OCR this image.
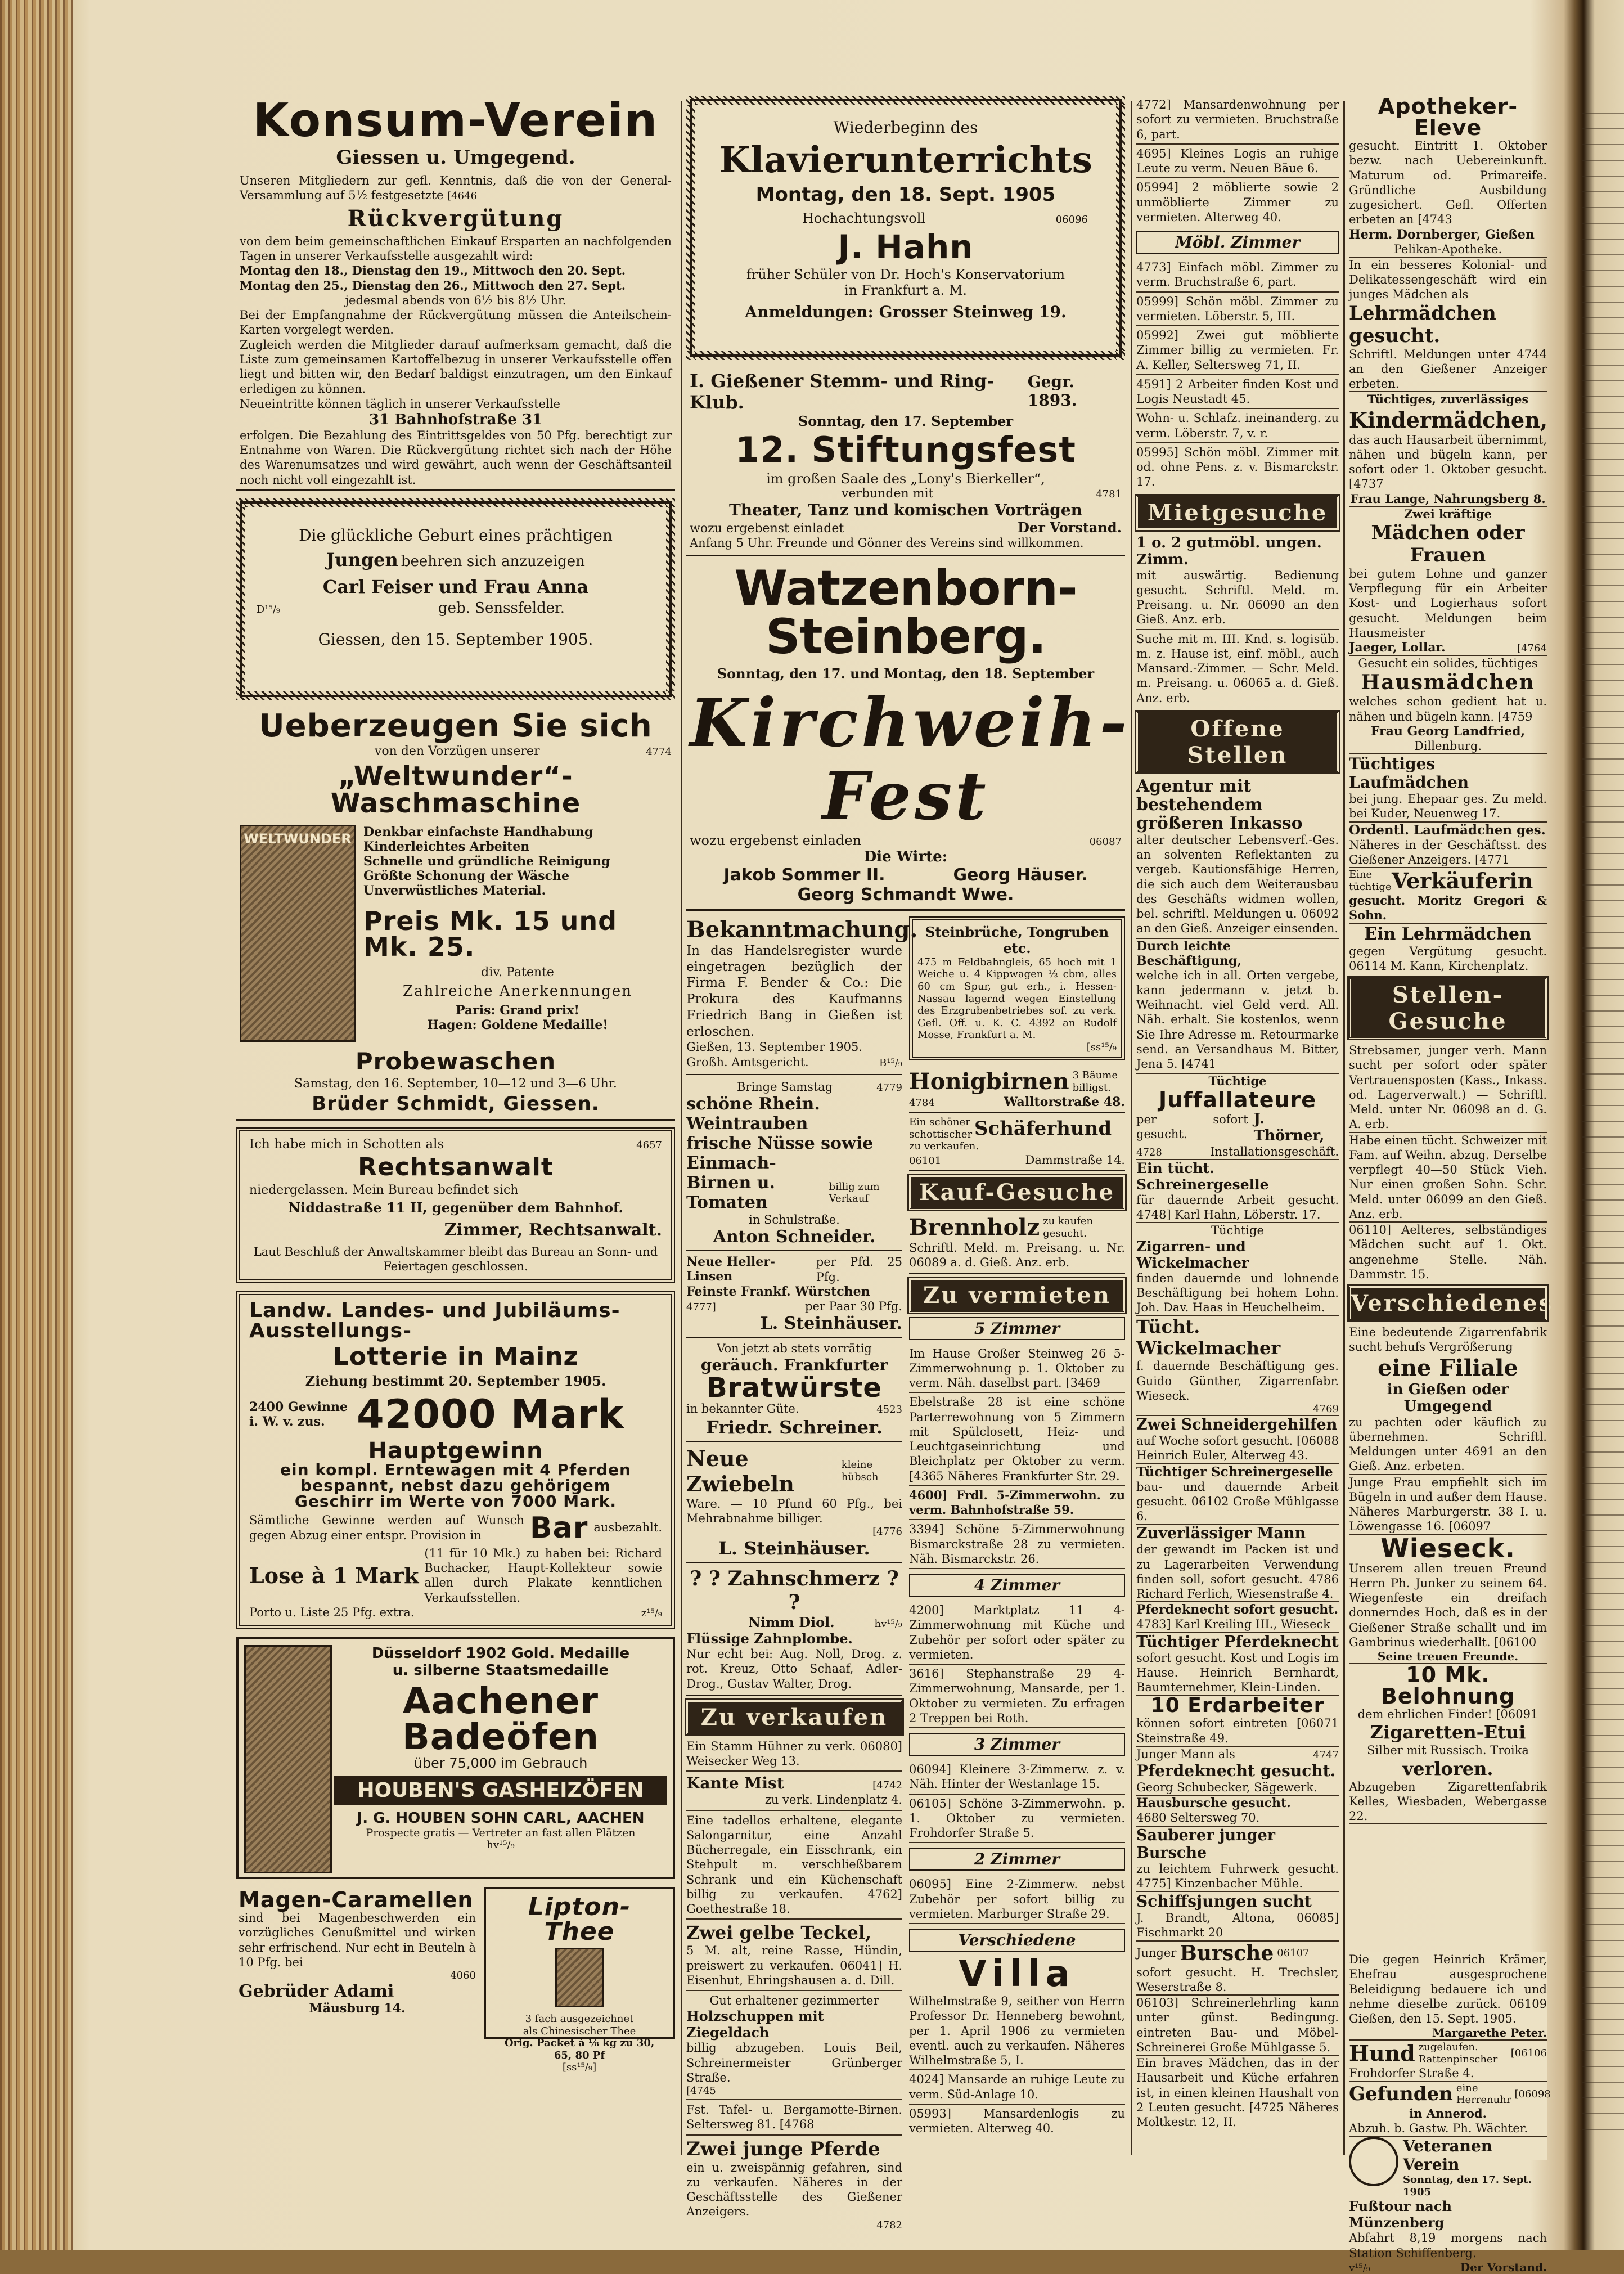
Konsum-Verein
Giessen u. Umgegend.
Unseren Mitgliedern zur gefl. Kenntnis, daß die von der General-Versammlung auf 5½ festgesetzte [4646
Rückvergütung
von dem beim gemeinschaftlichen Einkauf Ersparten an nachfolgenden Tagen in unserer Verkaufsstelle ausgezahlt wird:
Montag den 18., Dienstag den 19., Mittwoch den 20. Sept.
Montag den 25., Dienstag den 26., Mittwoch den 27. Sept.
jedesmal abends von 6½ bis 8½ Uhr.
Bei der Empfangnahme der Rückvergütung müssen die Anteilschein-Karten vorgelegt werden.
Zugleich werden die Mitglieder darauf aufmerksam gemacht, daß die Liste zum gemeinsamen Kartoffelbezug in unserer Verkaufsstelle offen liegt und bitten wir, den Bedarf baldigst einzutragen, um den Einkauf erledigen zu können.
Neueintritte können täglich in unserer Verkaufsstelle
31 Bahnhofstraße 31
erfolgen. Die Bezahlung des Eintrittsgeldes von 50 Pfg. berechtigt zur Entnahme von Waren. Die Rückvergütung richtet sich nach der Höhe des Warenumsatzes und wird gewährt, auch wenn der Geschäftsanteil noch nicht voll eingezahlt ist.
Die glückliche Geburt eines prächtigen
Jungen beehren sich anzuzeigen
Carl Feiser und Frau Anna
D¹⁵/₉	geb. Senssfelder.
Giessen, den 15. September 1905.
Ueberzeugen Sie sich
von den Vorzügen unserer	4774
„Weltwunder“-Waschmaschine
WELTWUNDER Denkbar einfachste Handhabung
Kinderleichtes Arbeiten
Schnelle und gründliche Reinigung
Größte Schonung der Wäsche
Unverwüstliches Material.
Preis Mk. 15 und Mk. 25.
div. Patente
Zahlreiche Anerkennungen
Paris: Grand prix!
Hagen: Goldene Medaille!
Probewaschen
Samstag, den 16. September, 10—12 und 3—6 Uhr.
Brüder Schmidt, Giessen.
Ich habe mich in Schotten als	4657
Rechtsanwalt
niedergelassen. Mein Bureau befindet sich
Niddastraße 11 II, gegenüber dem Bahnhof.
Zimmer, Rechtsanwalt.
Laut Beschluß der Anwaltskammer bleibt das Bureau an Sonn- und Feiertagen geschlossen.
Landw. Landes- und Jubiläums-Ausstellungs-
Lotterie in Mainz
Ziehung bestimmt 20. September 1905.
2400 Gewinne
i. W. v. zus. 42000 Mark
Hauptgewinn
ein kompl. Erntewagen mit 4 Pferden
bespannt, nebst dazu gehörigem
Geschirr im Werte von 7000 Mark.
Sämtliche Gewinne werden auf Wunsch gegen Abzug einer entspr. Provision in	Bar ausbezahlt.
Lose à 1 Mark
(11 für 10 Mk.) zu haben bei: Richard Buchacker, Haupt-Kollekteur sowie allen durch Plakate kenntlichen Verkaufsstellen.
Porto u. Liste 25 Pfg. extra.	z¹⁵/₉
Düsseldorf 1902 Gold. Medaille
u. silberne Staatsmedaille
Aachener
Badeöfen
über 75,000 im Gebrauch
HOUBEN'S GASHEIZÖFEN
J. G. HOUBEN SOHN CARL, AACHEN
Prospecte gratis — Vertreter an fast allen Plätzen
hv¹⁵/₉
Magen-Caramellen
sind bei Magenbeschwerden ein vorzügliches Genußmittel und wirken sehr erfrischend. Nur echt in Beuteln à 10 Pfg. bei
4060
Gebrüder Adami
Mäusburg 14.
Lipton-Thee
3 fach ausgezeichnet
als Chinesischer Thee
Orig. Packet à ⅛ kg zu 30, 65, 80 Pf
[ss¹⁵/₉]
Wiederbeginn des
Klavierunterrichts
Montag, den 18. Sept. 1905
Hochachtungsvoll	06096
J. Hahn
früher Schüler von Dr. Hoch's Konservatorium
in Frankfurt a. M.
Anmeldungen: Grosser Steinweg 19.
I. Gießener Stemm- und Ring-Klub.
Gegr. 1893.
Sonntag, den 17. September
12. Stiftungsfest
im großen Saale des „Lony's Bierkeller“,
verbunden mit	4781
Theater, Tanz und komischen Vorträgen
wozu ergebenst einladet	Der Vorstand.
Anfang 5 Uhr. Freunde und Gönner des Vereins sind willkommen.
Watzenborn-Steinberg.
Sonntag, den 17. und Montag, den 18. September
Kirchweih-Fest
wozu ergebenst einladen	06087
Die Wirte:
Jakob Sommer II.	Georg Häuser.
Georg Schmandt Wwe.
Bekanntmachung.
In das Handelsregister wurde eingetragen bezüglich der Firma F. Bender & Co.: Die Prokura des Kaufmanns Friedrich Bang in Gießen ist erloschen.
Gießen, 13. September 1905.
Großh. Amtsgericht.	B¹⁵/₉
Bringe Samstag	4779
schöne Rhein. Weintrauben
frische Nüsse sowie Einmach-
Birnen u. Tomaten
billig zum Verkauf
in Schulstraße.
Anton Schneider.
Neue Heller-Linsen
per Pfd. 25 Pfg.
Feinste Frankf. Würstchen
4777]	per Paar 30 Pfg.
L. Steinhäuser.
Von jetzt ab stets vorrätig
geräuch. Frankfurter
Bratwürste
in bekannter Güte.	4523
Friedr. Schreiner.
Neue Zwiebeln
kleine hübsch
Ware. — 10 Pfund 60 Pfg., bei Mehrabnahme billiger.
[4776
L. Steinhäuser.
? ? Zahnschmerz ? ?
Nimm Diol.	hv¹⁵/₉
Flüssige Zahnplombe.
Nur echt bei: Aug. Noll, Drog. z. rot. Kreuz, Otto Schaaf, Adler-Drog., Gustav Walter, Drog.
Zu verkaufen
Ein Stamm Hühner zu verk. 06080] Weisecker Weg 13.
Kante Mist	[4742
zu verk. Lindenplatz 4.
Eine tadellos erhaltene, elegante Salongarnitur, eine Anzahl Bücherregale, ein Eisschrank, ein Stehpult m. verschließbarem Schrank und ein Küchenschaft billig zu verkaufen. 4762] Goethestraße 18.
Zwei gelbe Teckel,
5 M. alt, reine Rasse, Hündin, preiswert zu verkaufen. 06041] H. Eisenhut, Ehringshausen a. d. Dill.
Gut erhaltener gezimmerter
Holzschuppen mit Ziegeldach
billig abzugeben. Louis Beil, Schreinermeister Grünberger Straße.
[4745
Fst. Tafel- u. Bergamotte-Birnen. Seltersweg 81. [4768
Zwei junge Pferde
ein u. zweispännig gefahren, sind zu verkaufen. Näheres in der Geschäftsstelle des Gießener Anzeigers.
4782
Steinbrüche, Tongruben etc.
475 m Feldbahngleis, 65 hoch mit 1 Weiche u. 4 Kippwagen ⅓ cbm, alles 60 cm Spur, gut erh., i. Hessen-Nassau lagernd wegen Einstellung des Erzgrubenbetriebes sof. zu verk. Gefl. Off. u. K. C. 4392 an Rudolf Mosse, Frankfurt a. M.
[ss¹⁵/₉
Honigbirnen 3 Bäume billigst.
4784	Walltorstraße 48.
Ein schöner schottischer Schäferhund
zu verkaufen.
06101	Dammstraße 14.
Kauf-Gesuche
Brennholz zu kaufen gesucht.
Schriftl. Meld. m. Preisang. u. Nr. 06089 a. d. Gieß. Anz. erb.
Zu vermieten
5 Zimmer
Im Hause Großer Steinweg 26 5-Zimmerwohnung p. 1. Oktober zu verm. Näh. daselbst part. [3469
Ebelstraße 28 ist eine schöne Parterrewohnung von 5 Zimmern mit Spülclosett, Heiz- und Leuchtgaseinrichtung und Bleichplatz per Oktober zu verm. [4365 Näheres Frankfurter Str. 29.
4600] Frdl. 5-Zimmerwohn. zu verm. Bahnhofstraße 59.
3394] Schöne 5-Zimmerwohnung Bismarckstraße 28 zu vermieten. Näh. Bismarckstr. 26.
4 Zimmer
4200] Marktplatz 11 4-Zimmerwohnung mit Küche und Zubehör per sofort oder später zu vermieten.
3616] Stephanstraße 29 4-Zimmerwohnung, Mansarde, per 1. Oktober zu vermieten. Zu erfragen 2 Treppen bei Roth.
3 Zimmer
06094] Kleinere 3-Zimmerw. z. v. Näh. Hinter der Westanlage 15.
06105] Schöne 3-Zimmerwohn. p. 1. Oktober zu vermieten. Frohdorfer Straße 5.
2 Zimmer
06095] Eine 2-Zimmerw. nebst Zubehör per sofort billig zu vermieten. Marburger Straße 29.
Verschiedene
Villa
Wilhelmstraße 9, seither von Herrn Professor Dr. Henneberg bewohnt, per 1. April 1906 zu vermieten eventl. auch zu verkaufen. Näheres Wilhelmstraße 5, I.
4024] Mansarde an ruhige Leute zu verm. Süd-Anlage 10.
05993] Mansardenlogis zu vermieten. Alterweg 40.
4772] Mansardenwohnung per sofort zu vermieten. Bruchstraße 6, part.
4695] Kleines Logis an ruhige Leute zu verm. Neuen Bäue 6.
05994] 2 möblierte sowie 2 unmöblierte Zimmer zu vermieten. Alterweg 40.
Möbl. Zimmer
4773] Einfach möbl. Zimmer zu verm. Bruchstraße 6, part.
05999] Schön möbl. Zimmer zu vermieten. Löberstr. 5, III.
05992] Zwei gut möblierte Zimmer billig zu vermieten. Fr. A. Keller, Seltersweg 71, II.
4591] 2 Arbeiter finden Kost und Logis Neustadt 45.
Wohn- u. Schlafz. ineinanderg. zu verm. Löberstr. 7, v. r.
05995] Schön möbl. Zimmer mit od. ohne Pens. z. v. Bismarckstr. 17.
Mietgesuche
1 o. 2 gutmöbl. ungen. Zimm.
mit auswärtig. Bedienung gesucht. Schriftl. Meld. m. Preisang. u. Nr. 06090 an den Gieß. Anz. erb.
Suche mit m. III. Knd. s. logisüb. m. z. Hause ist, einf. möbl., auch Mansard.-Zimmer. — Schr. Meld. m. Preisang. u. 06065 a. d. Gieß. Anz. erb.
Offene Stellen
Agentur mit bestehendem größeren Inkasso
alter deutscher Lebensverf.-Ges. an solventen Reflektanten zu vergeb. Kautionsfähige Herren, die sich auch dem Weiterausbau des Geschäfts widmen wollen, bel. schriftl. Meldungen u. 06092 an den Gieß. Anzeiger einsenden.
Durch leichte Beschäftigung,
welche ich in all. Orten vergebe, kann jedermann v. jetzt b. Weihnacht. viel Geld verd. All. Näh. erhalt. Sie kostenlos, wenn Sie Ihre Adresse m. Retourmarke send. an Versandhaus M. Bitter, Jena 5. [4741
Tüchtige
Juffallateure
per sofort gesucht.
J. Thörner,
4728	Installationsgeschäft.
Ein tücht. Schreinergeselle
für dauernde Arbeit gesucht. 4748] Karl Hahn, Löberstr. 17.
Tüchtige
Zigarren- und Wickelmacher
finden dauernde und lohnende Beschäftigung bei hohem Lohn. Joh. Dav. Haas in Heuchelheim.
Tücht. Wickelmacher
f. dauernde Beschäftigung ges. Guido Günther, Zigarrenfabr. Wieseck.
4769
Zwei Schneidergehilfen
auf Woche sofort gesucht. [06088 Heinrich Euler, Alterweg 43.
Tüchtiger Schreinergeselle
bau- und dauernde Arbeit gesucht. 06102 Große Mühlgasse 6.
Zuverlässiger Mann
der gewandt im Packen ist und zu Lagerarbeiten Verwendung finden soll, sofort gesucht. 4786 Richard Ferlich, Wiesenstraße 4.
Pferdeknecht sofort gesucht.
4783] Karl Kreiling III., Wieseck
Tüchtiger Pferdeknecht
sofort gesucht. Kost und Logis im Hause. Heinrich Bernhardt, Baumternehmer, Klein-Linden.
10 Erdarbeiter
können sofort eintreten [06071 Steinstraße 49.
Junger Mann als	4747
Pferdeknecht gesucht.
Georg Schubecker, Sägewerk.
Hausbursche gesucht.
4680 Seltersweg 70.
Sauberer junger Bursche
zu leichtem Fuhrwerk gesucht. 4775] Kinzenbacher Mühle.
Schiffsjungen sucht
J. Brandt, Altona, 06085] Fischmarkt 20
Junger Bursche 06107
sofort gesucht. H. Trechsler, Weserstraße 8.
06103] Schreinerlehrling kann unter günst. Bedingung. eintreten Bau- und Möbel-Schreinerei Große Mühlgasse 5.
Ein braves Mädchen, das in der Hausarbeit und Küche erfahren ist, in einen kleinen Haushalt von 2 Leuten gesucht. [4725 Näheres Moltkestr. 12, II.
Apotheker-Eleve
gesucht. Eintritt 1. Oktober bezw. nach Uebereinkunft. Maturum od. Primareife. Gründliche Ausbildung zugesichert. Gefl. Offerten erbeten an [4743
Herm. Dornberger, Gießen
Pelikan-Apotheke.
In ein besseres Kolonial- und Delikatessengeschäft wird ein junges Mädchen als
Lehrmädchen gesucht.
Schriftl. Meldungen unter 4744 an den Gießener Anzeiger erbeten.
Tüchtiges, zuverlässiges
Kindermädchen,
das auch Hausarbeit übernimmt, nähen und bügeln kann, per sofort oder 1. Oktober gesucht. [4737
Frau Lange, Nahrungsberg 8.
Zwei kräftige
Mädchen oder Frauen
bei gutem Lohne und ganzer Verpflegung für ein Arbeiter Kost- und Logierhaus sofort gesucht. Meldungen beim Hausmeister
Jaeger, Lollar.	[4764
Gesucht ein solides, tüchtiges
Hausmädchen
welches schon gedient hat u. nähen und bügeln kann. [4759
Frau Georg Landfried,
Dillenburg.
Tüchtiges Laufmädchen
bei jung. Ehepaar ges. Zu meld. bei Kuder, Neuenweg 17.
Ordentl. Laufmädchen ges.
Näheres in der Geschäftsst. des Gießener Anzeigers. [4771
Eine tüchtige Verkäuferin
gesucht. Moritz Gregori & Sohn.
Ein Lehrmädchen
gegen Vergütung gesucht. 06114 M. Kann, Kirchenplatz.
Stellen-Gesuche
Strebsamer, junger verh. Mann sucht per sofort oder später Vertrauensposten (Kass., Inkass. od. Lagerverwalt.) — Schriftl. Meld. unter Nr. 06098 an d. G. A. erb.
Habe einen tücht. Schweizer mit Fam. auf Weihn. abzug. Derselbe verpflegt 40—50 Stück Vieh. Nur einen großen Sohn. Schr. Meld. unter 06099 an den Gieß. Anz. erb.
06110] Aelteres, selbständiges Mädchen sucht auf 1. Okt. angenehme Stelle. Näh. Dammstr. 15.
Verschiedenes
Eine bedeutende Zigarrenfabrik sucht behufs Vergrößerung
eine Filiale
in Gießen oder Umgegend
zu pachten oder käuflich zu übernehmen. Schriftl. Meldungen unter 4691 an den Gieß. Anz. erbeten.
Junge Frau empfiehlt sich im Bügeln in und außer dem Hause. Näheres Marburgerstr. 38 I. u. Löwengasse 16. [06097
Wieseck.
Unserem allen treuen Freund Herrn Ph. Junker zu seinem 64. Wiegenfeste ein dreifach donnerndes Hoch, daß es in der Gießener Straße schallt und im Gambrinus wiederhallt. [06100
Seine treuen Freunde.
10 Mk. Belohnung
dem ehrlichen Finder! [06091
Zigaretten-Etui
Silber mit Russisch. Troika
verloren.
Abzugeben Zigarettenfabrik Kelles, Wiesbaden, Webergasse 22.
Die gegen Heinrich Krämer, Ehefrau ausgesprochene Beleidigung bedauere ich und nehme dieselbe zurück. 06109 Gießen, den 15. Sept. 1905.
Margarethe Peter.
Hund zugelaufen. Rattenpinscher	[06106
Frohdorfer Straße 4.
Gefunden eine Herrenuhr [06098
in Annerod.
Abzuh. b. Gastw. Ph. Wächter.
Veteranen
Verein
Sonntag, den 17. Sept. 1905
Fußtour nach Münzenberg
Abfahrt 8,19 morgens nach Station Schiffenberg.
v¹⁵/₉	Der Vorstand.
